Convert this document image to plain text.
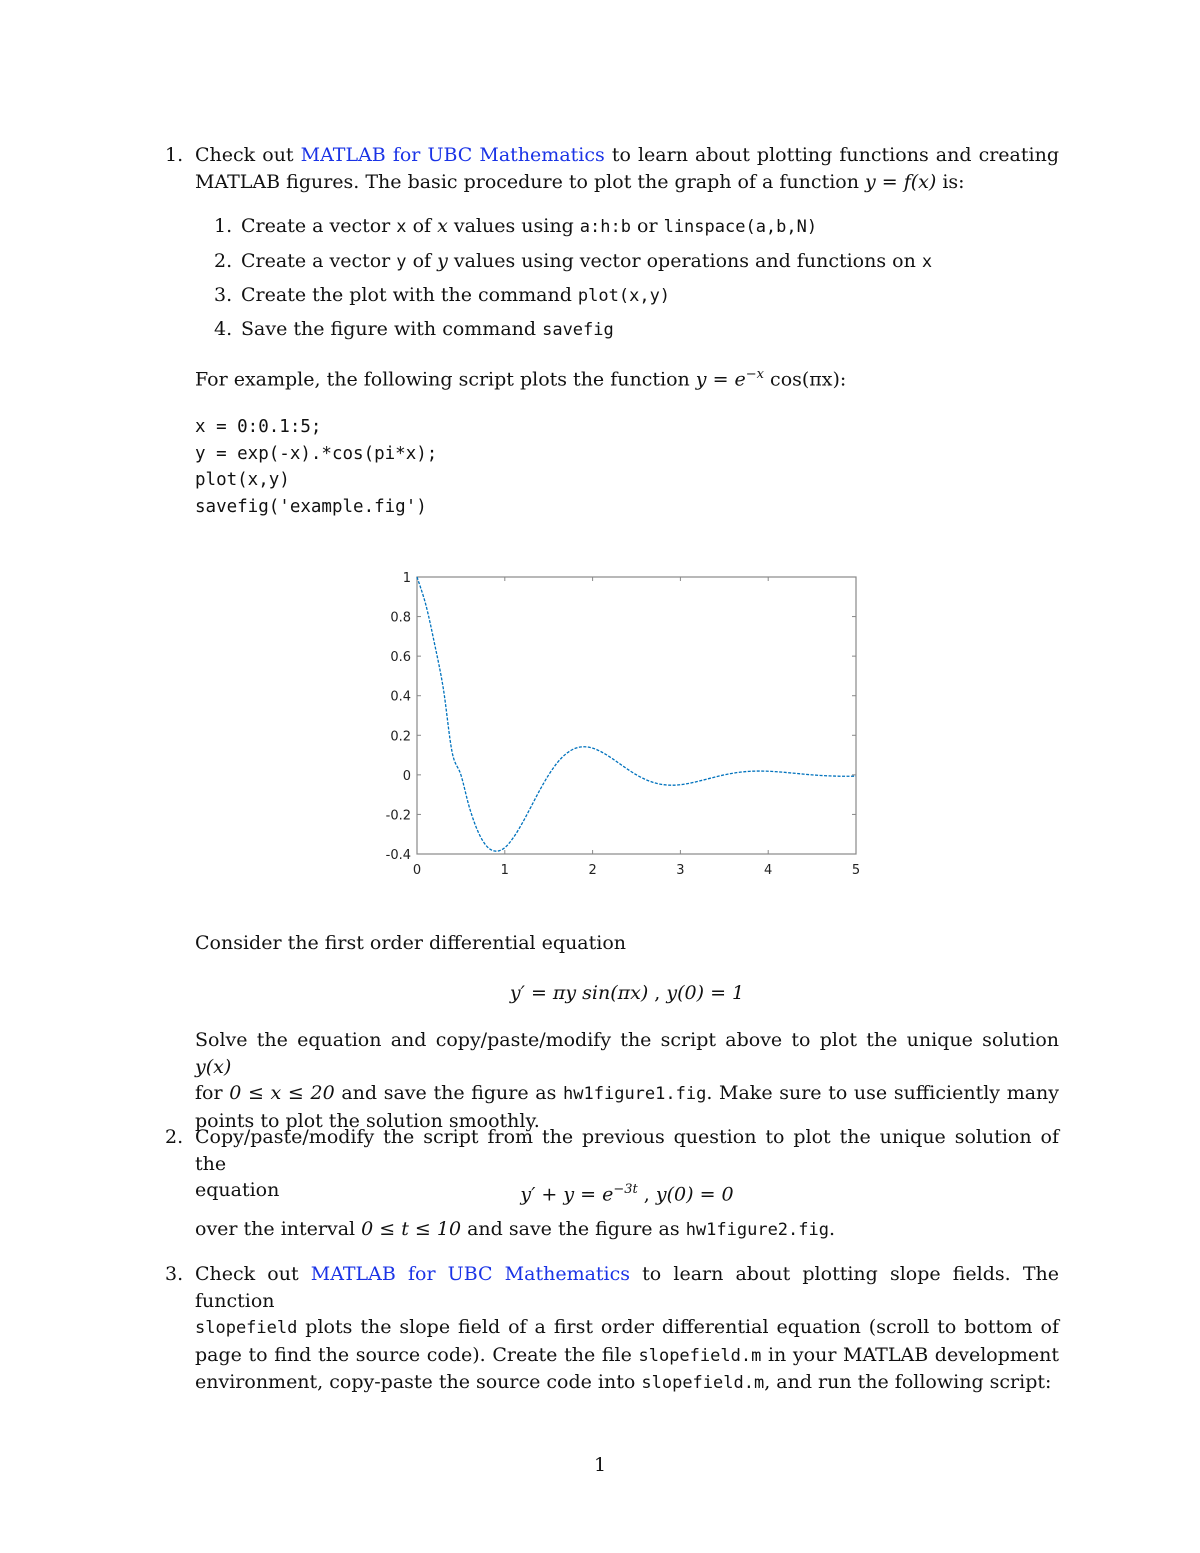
1. Check out MATLAB for UBC Mathematics to learn about plotting functions and creating
MATLAB figures. The basic procedure to plot the graph of a function y = f(x) is:
1. Create a vector x of x values using a:h:b or linspace(a,b,N)
2. Create a vector y of y values using vector operations and functions on x
3. Create the plot with the command plot(x,y)
4. Save the figure with command savefig
For example, the following script plots the function $y = e^{-x}$ cos(πx):
x = 0:0.1:5;
y = exp(-x).*cos(pi*x);
plot(x,y)
savefig('example.fig')
1
0.8
0.6
0.4
0.2
0
-0.2
-0.4
0	1	2	3	4	5
Consider the first order differential equation
y′ = πy sin(πx) , y(0) = 1
Solve the equation and copy/paste/modify the script above to plot the unique solution y(x)
for 0 ≤ x ≤ 20 and save the figure as hw1figure1.fig. Make sure to use sufficiently many
points to plot the solution smoothly.
2. Copy/paste/modify the script from the previous question to plot the unique solution of the
equation	$y' + y = e^{-3t}$ , y(0) = 0
over the interval 0 ≤ t ≤ 10 and save the figure as hw1figure2.fig.
3. Check out MATLAB for UBC Mathematics to learn about plotting slope fields. The function
slopefield plots the slope field of a first order differential equation (scroll to bottom of
page to find the source code). Create the file slopefield.m in your MATLAB development
environment, copy-paste the source code into slopefield.m, and run the following script:
1
